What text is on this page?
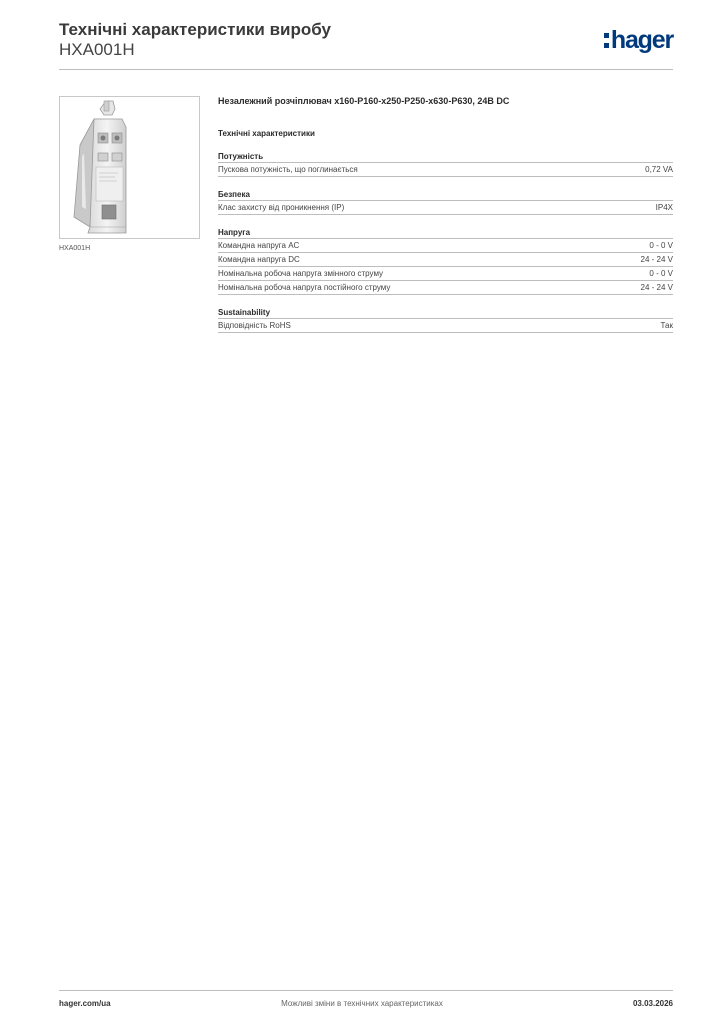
Технічні характеристики виробу
HXA001H	hager
HXA001H
Незалежний розчіплювач x160-P160-x250-P250-x630-P630, 24B DC
Технічні характеристики
Потужність
Пускова потужність, що поглинається	0,72 VA
Безпека
Клас захисту від проникнення (IP)	IP4X
Напруга
Командна напруга AC	0 - 0 V
Командна напруга DC	24 - 24 V
Номінальна робоча напруга змінного струму	0 - 0 V
Номінальна робоча напруга постійного струму	24 - 24 V
Sustainability
Відповідність RoHS	Так
Можливі зміни в технічних характеристиках
hager.com/ua	03.03.2026
